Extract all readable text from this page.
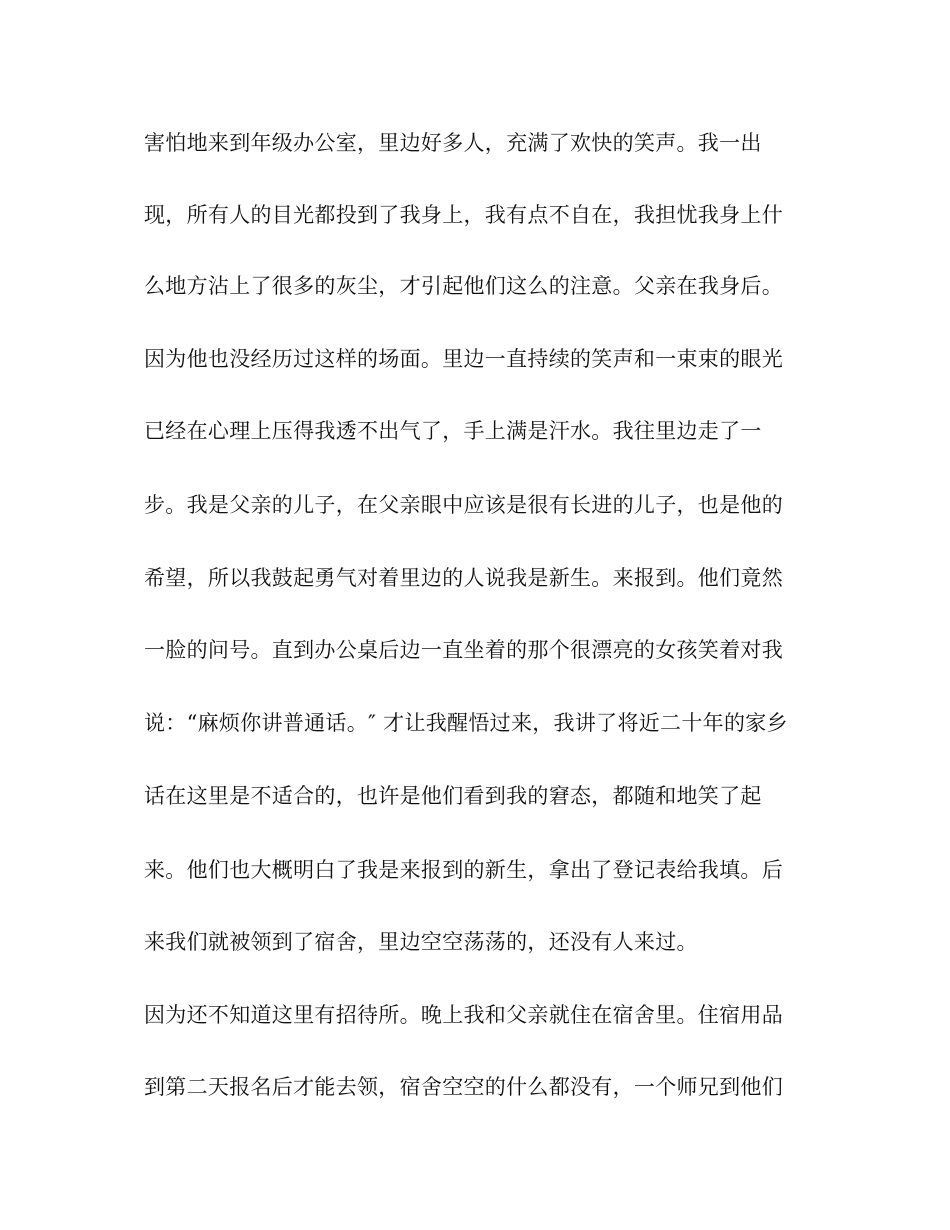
害怕地来到年级办公室，里边好多人，充满了欢快的笑声。我一出
现，所有人的目光都投到了我身上，我有点不自在，我担忧我身上什
么地方沾上了很多的灰尘，才引起他们这么的注意。父亲在我身后。
因为他也没经历过这样的场面。里边一直持续的笑声和一束束的眼光
已经在心理上压得我透不出气了，手上满是汗水。我往里边走了一
步。我是父亲的儿子，在父亲眼中应该是很有长进的儿子，也是他的
希望，所以我鼓起勇气对着里边的人说我是新生。来报到。他们竟然
一脸的问号。直到办公桌后边一直坐着的那个很漂亮的女孩笑着对我
说：“麻烦你讲普通话。″ 才让我醒悟过来，我讲了将近二十年的家乡
话在这里是不适合的，也许是他们看到我的窘态，都随和地笑了起
来。他们也大概明白了我是来报到的新生，拿出了登记表给我填。后
来我们就被领到了宿舍，里边空空荡荡的，还没有人来过。
因为还不知道这里有招待所。晚上我和父亲就住在宿舍里。住宿用品
到第二天报名后才能去领，宿舍空空的什么都没有，一个师兄到他们
